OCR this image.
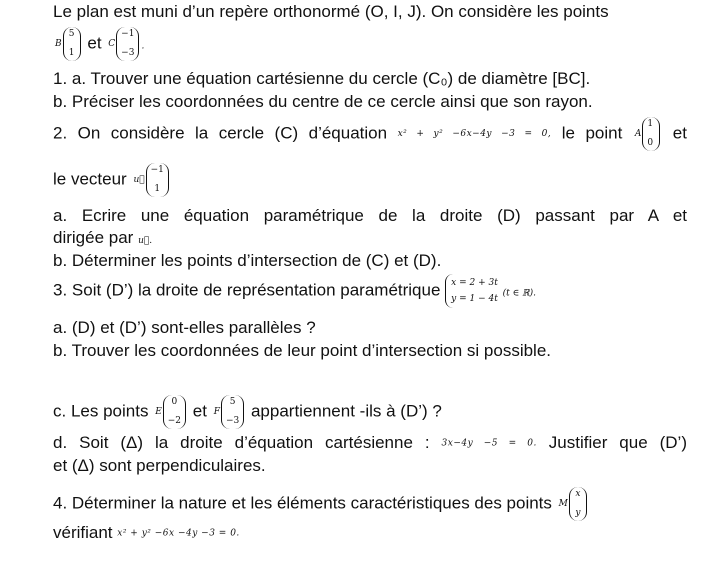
Le plan est muni d’un repère orthonormé (O, I, J). On considère les points
B
5
1
et C
−1
−3
.
1. a. Trouver une équation cartésienne du cercle (C₀) de diamètre [BC].
b. Préciser les coordonnées du centre de ce cercle ainsi que son rayon.
2. On considère la cercle (C) d’équation x² + y² −6x−4y −3 = 0, le point A
1
0
et
le vecteur u⃗
−1
1
a. Ecrire une équation paramétrique de la droite (D) passant par A et
dirigée par u⃗.
b. Déterminer les points d’intersection de (C) et (D).
3. Soit (D’) la droite de représentation paramétrique x = 2 + 3t
y = 1 − 4t
(t ∈ ℝ).
a. (D) et (D’) sont-elles parallèles ?
b. Trouver les coordonnées de leur point d’intersection si possible.
c. Les points E
0
−2
et F
5
−3
appartiennent -ils à (D’) ?
d. Soit (Δ) la droite d’équation cartésienne : 3x−4y −5 = 0. Justifier que (D’)
et (Δ) sont perpendiculaires.
4. Déterminer la nature et les éléments caractéristiques des points M
x
y
vérifiant x² + y² −6x −4y −3 = 0.
